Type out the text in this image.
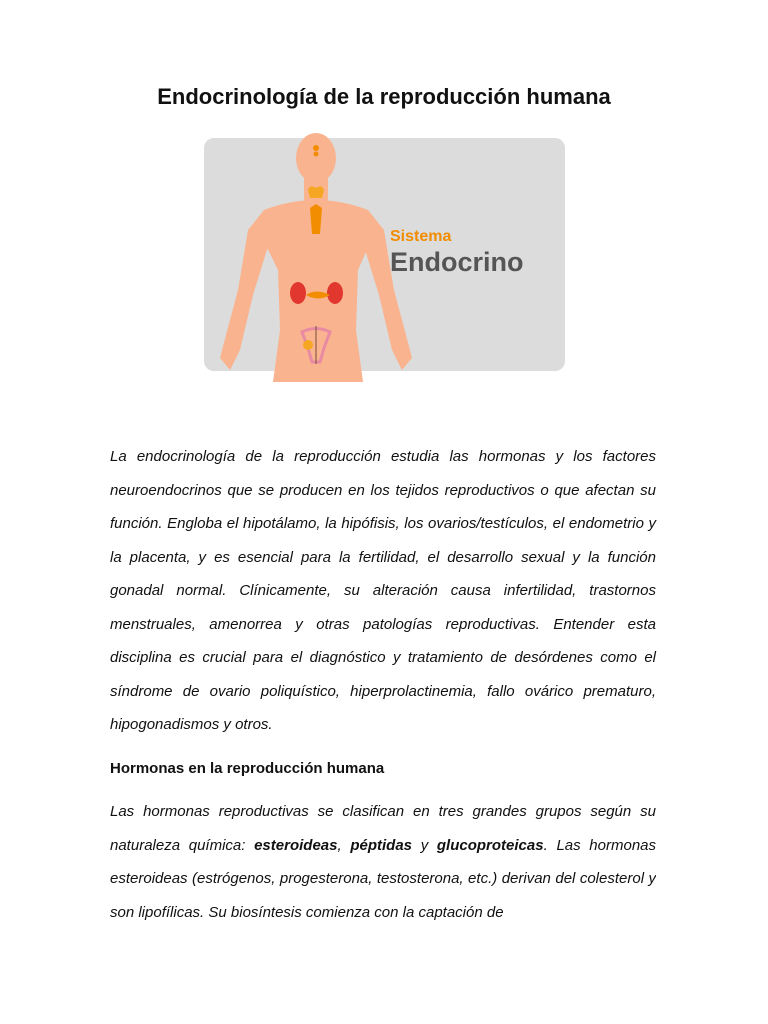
Endocrinología de la reproducción humana
Sistema
Endocrino

La endocrinología de la reproducción estudia las hormonas y los factores neuroendocrinos que se producen en los tejidos reproductivos o que afectan su función. Engloba el hipotálamo, la hipófisis, los ovarios/testículos, el endometrio y la placenta, y es esencial para la fertilidad, el desarrollo sexual y la función gonadal normal. Clínicamente, su alteración causa infertilidad, trastornos menstruales, amenorrea y otras patologías reproductivas. Entender esta disciplina es crucial para el diagnóstico y tratamiento de desórdenes como el síndrome de ovario poliquístico, hiperprolactinemia, fallo ovárico prematuro, hipogonadismos y otros.

Hormonas en la reproducción humana

Las hormonas reproductivas se clasifican en tres grandes grupos según su naturaleza química: esteroideas, péptidas y glucoproteicas. Las hormonas esteroideas (estrógenos, progesterona, testosterona, etc.) derivan del colesterol y son lipofílicas. Su biosíntesis comienza con la captación de
